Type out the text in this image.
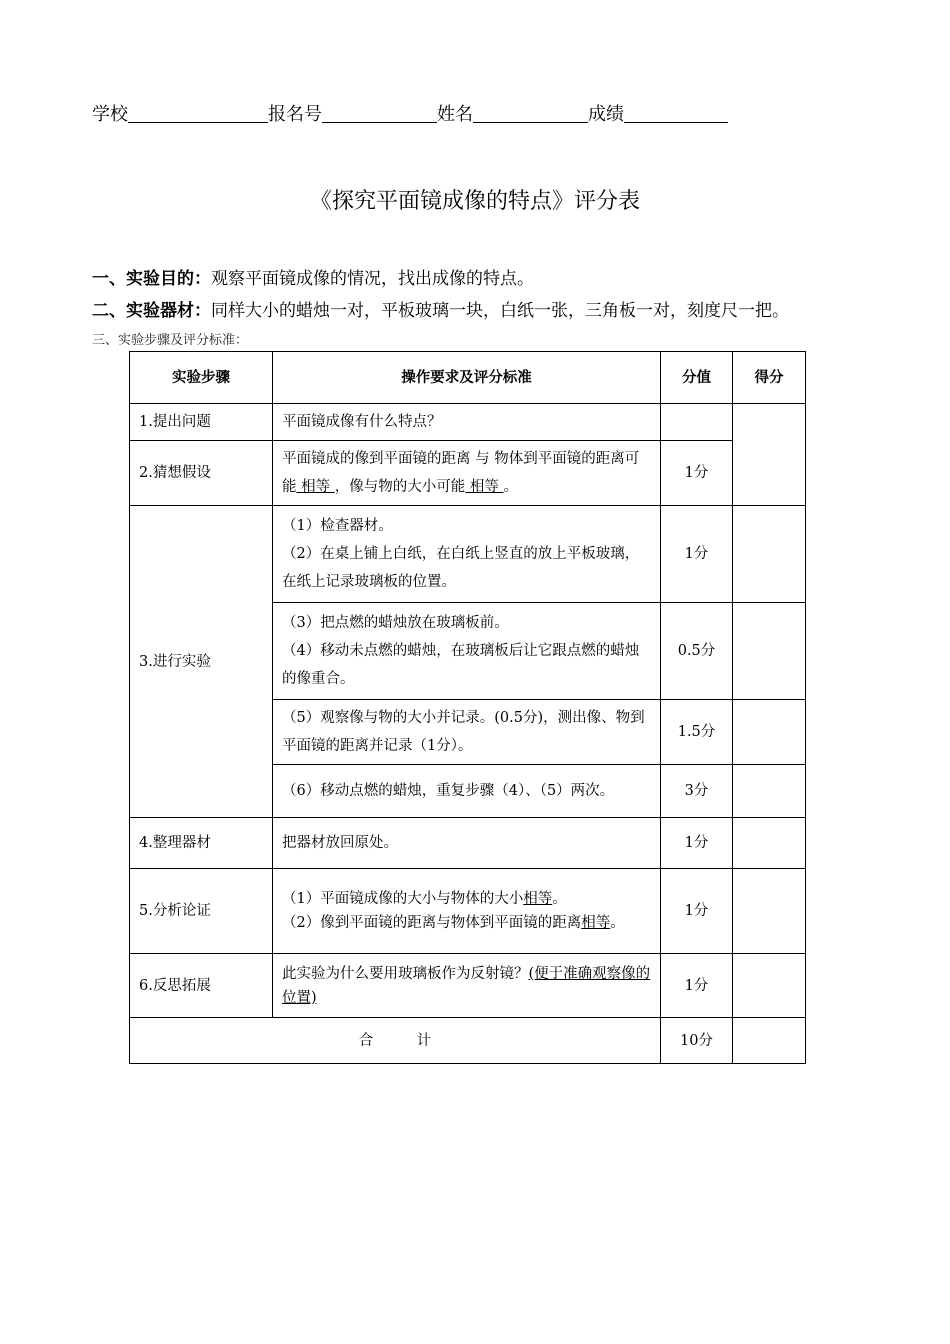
学校	报名号	姓名	成绩
《探究平面镜成像的特点》评分表
一、实验目的：观察平面镜成像的情况，找出成像的特点。
二、实验器材：同样大小的蜡烛一对，平板玻璃一块，白纸一张，三角板一对，刻度尺一把。
三、实验步骤及评分标准：
实验步骤	操作要求及评分标准	分值	得分
1.提出问题	平面镜成像有什么特点？		
2.猜想假设	平面镜成的像到平面镜的距离 与 物体到平面镜的距离可能 相等 ，像与物的大小可能 相等 。	1分	
3.进行实验	（1）检查器材。

（2）在桌上铺上白纸，在白纸上竖直的放上平板玻璃，在纸上记录玻璃板的位置。	1分	

	（3）把点燃的蜡烛放在玻璃板前。

（4）移动未点燃的蜡烛，在玻璃板后让它跟点燃的蜡烛的像重合。	0.5分	
	（5）观察像与物的大小并记录。(0.5分)，测出像、物到平面镜的距离并记录（1分）。	1.5分	
	（6）移动点燃的蜡烛，重复步骤（4）、（5）两次。	3分	
4.整理器材	把器材放回原处。	1分	
5.分析论证	（1）平面镜成像的大小与物体的大小相等。

（2）像到平面镜的距离与物体到平面镜的距离相等。	1分	
6.反思拓展	此实验为什么要用玻璃板作为反射镜？(便于准确观察像的位置)	1分	
合　　　计		10分	
